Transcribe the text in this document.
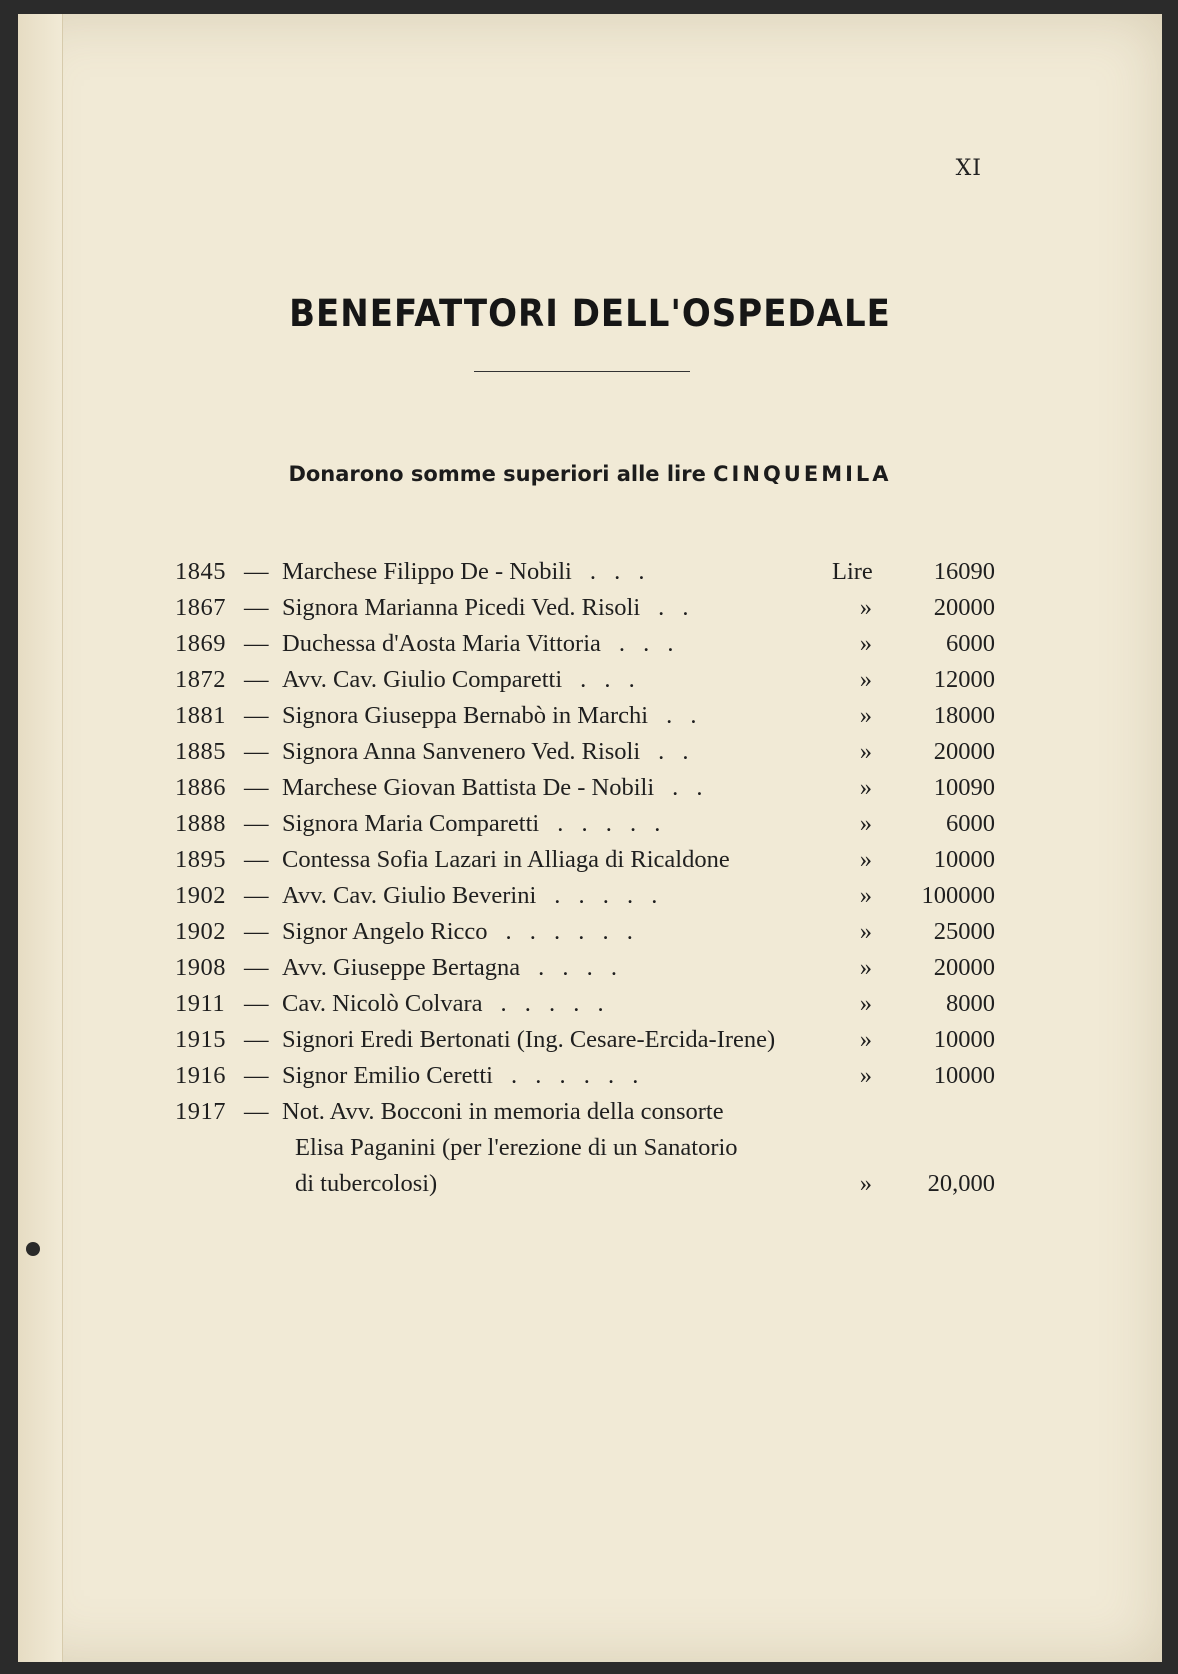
XI
BENEFATTORI DELL'OSPEDALE
Donarono somme superiori alle lire CINQUEMILA
1845 — Marchese Filippo De - Nobili . . .	Lire 16090
1867 — Signora Marianna Picedi Ved. Risoli . .	»	20000
1869 — Duchessa d'Aosta Maria Vittoria . . .	»	6000
1872 — Avv. Cav. Giulio Comparetti . . .	»	12000
1881 — Signora Giuseppa Bernabò in Marchi . .	»	18000
1885 — Signora Anna Sanvenero Ved. Risoli . .	»	20000
1886 — Marchese Giovan Battista De - Nobili . .	»	10090
1888 — Signora Maria Comparetti . . . . .	»	6000
1895 — Contessa Sofia Lazari in Alliaga di Ricaldone	»	10000
1902 — Avv. Cav. Giulio Beverini . . . . .	» 100000
1902 — Signor Angelo Ricco . . . . . .	»	25000
1908 — Avv. Giuseppe Bertagna . . . .	»	20000
1911 — Cav. Nicolò Colvara . . . . .	»	8000
1915 — Signori Eredi Bertonati (Ing. Cesare-Ercida-Irene)	»	10000
1916 — Signor Emilio Ceretti . . . . . .	»	10000
1917 — Not. Avv. Bocconi in memoria della consorte
Elisa Paganini (per l'erezione di un Sanatorio
di tubercolosi)	» 20,000
